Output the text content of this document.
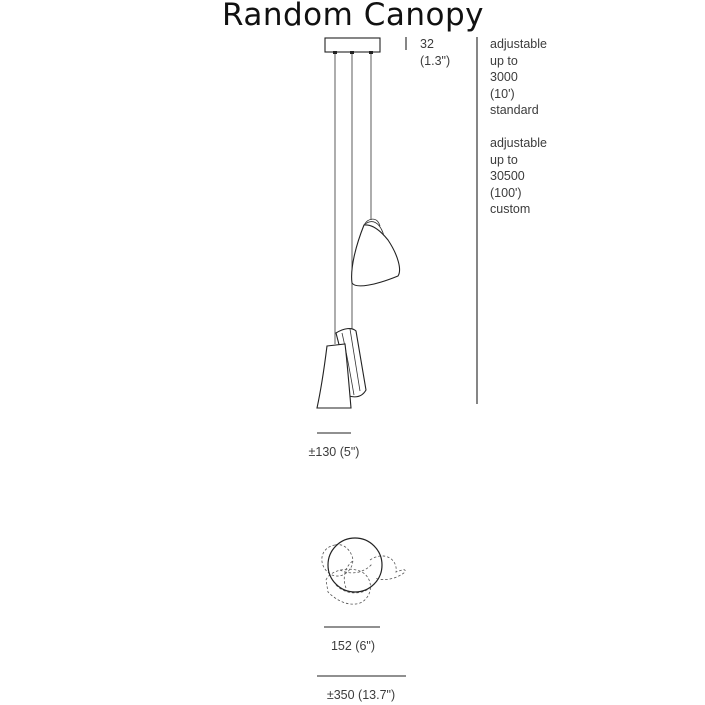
Random Canopy
32
(1.3")
adjustable
up to
3000
(10')
standard
adjustable
up to
30500
(100')
custom
±130 (5")
152 (6")
±350 (13.7")
